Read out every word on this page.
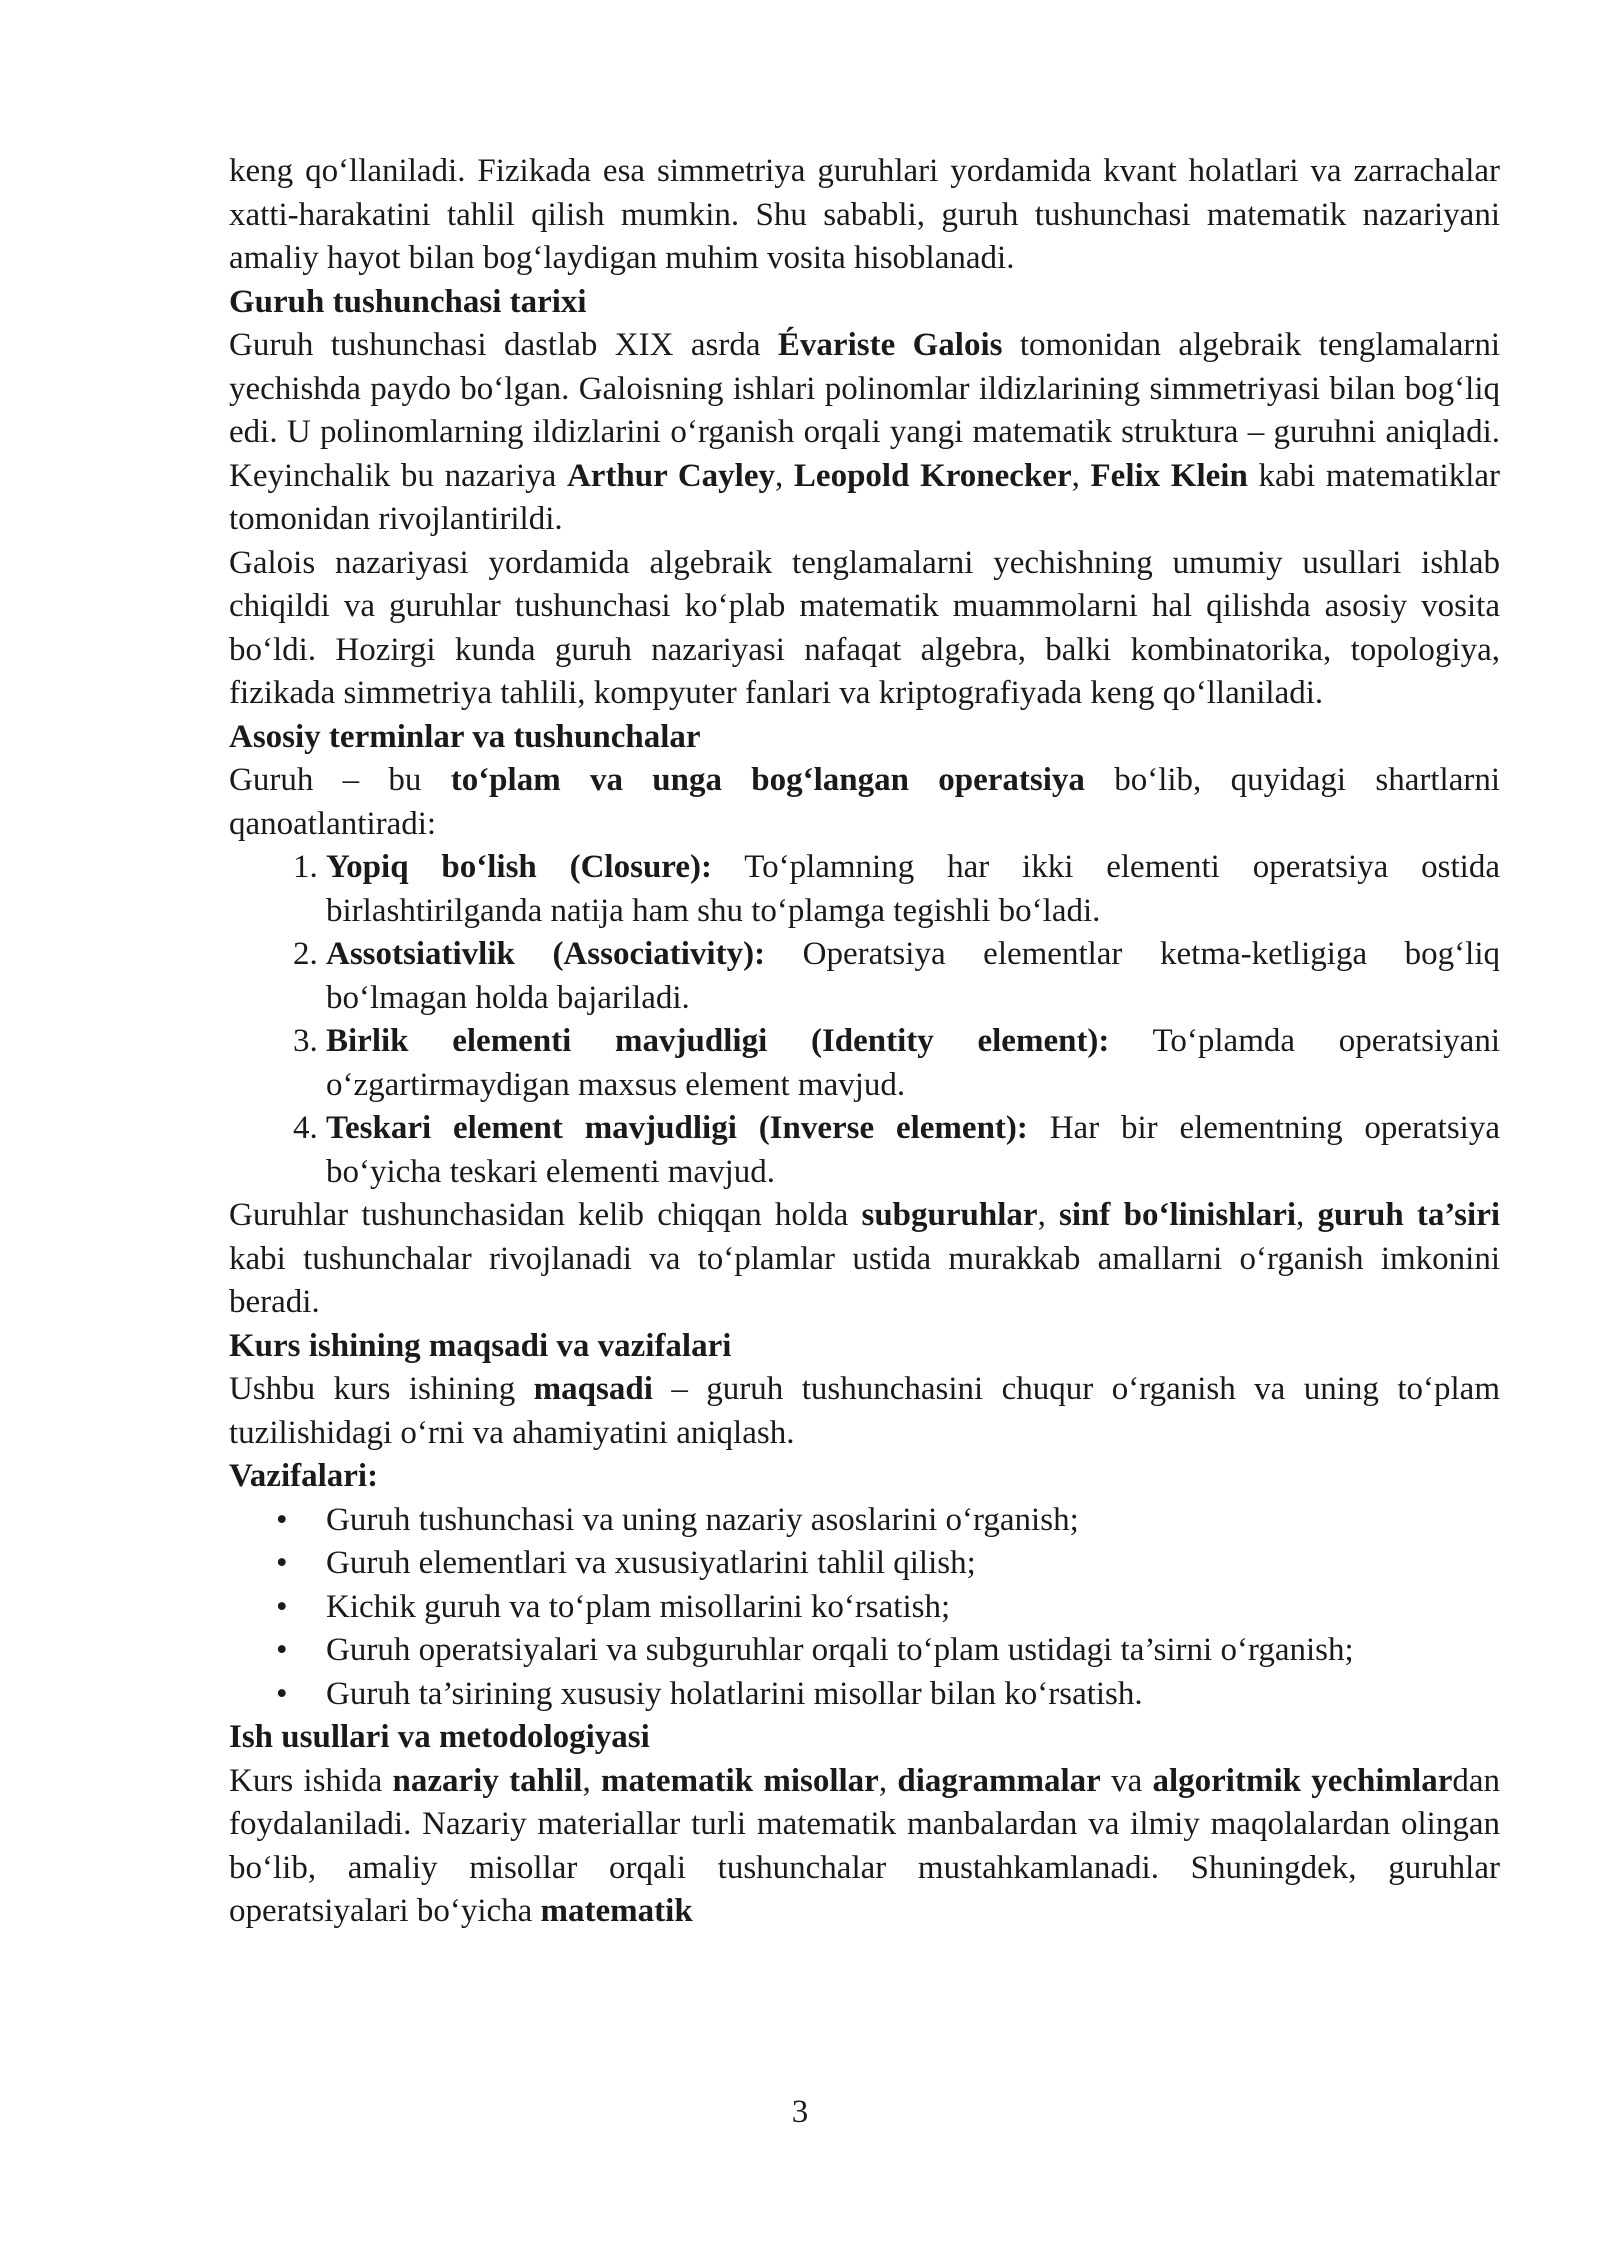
keng qo‘llaniladi. Fizikada esa simmetriya guruhlari yordamida kvant holatlari va zarrachalar xatti-harakatini tahlil qilish mumkin. Shu sababli, guruh tushunchasi matematik nazariyani amaliy hayot bilan bog‘laydigan muhim vosita hisoblanadi.

Guruh tushunchasi tarixi

Guruh tushunchasi dastlab XIX asrda Évariste Galois tomonidan algebraik tenglamalarni yechishda paydo bo‘lgan. Galoisning ishlari polinomlar ildizlarining simmetriyasi bilan bog‘liq edi. U polinomlarning ildizlarini o‘rganish orqali yangi matematik struktura – guruhni aniqladi. Keyinchalik bu nazariya Arthur Cayley, Leopold Kronecker, Felix Klein kabi matematiklar tomonidan rivojlantirildi.

Galois nazariyasi yordamida algebraik tenglamalarni yechishning umumiy usullari ishlab chiqildi va guruhlar tushunchasi ko‘plab matematik muammolarni hal qilishda asosiy vosita bo‘ldi. Hozirgi kunda guruh nazariyasi nafaqat algebra, balki kombinatorika, topologiya, fizikada simmetriya tahlili, kompyuter fanlari va kriptografiyada keng qo‘llaniladi.

Asosiy terminlar va tushunchalar

Guruh – bu to‘plam va unga bog‘langan operatsiya bo‘lib, quyidagi shartlarni qanoatlantiradi:

1. Yopiq bo‘lish (Closure): To‘plamning har ikki elementi operatsiya ostida birlashtirilganda natija ham shu to‘plamga tegishli bo‘ladi.
2. Assotsiativlik (Associativity): Operatsiya elementlar ketma-ketligiga bog‘liq bo‘lmagan holda bajariladi.
3. Birlik elementi mavjudligi (Identity element): To‘plamda operatsiyani o‘zgartirmaydigan maxsus element mavjud.
4. Teskari element mavjudligi (Inverse element): Har bir elementning operatsiya bo‘yicha teskari elementi mavjud.

Guruhlar tushunchasidan kelib chiqqan holda subguruhlar, sinf bo‘linishlari, guruh ta’siri kabi tushunchalar rivojlanadi va to‘plamlar ustida murakkab amallarni o‘rganish imkonini beradi.

Kurs ishining maqsadi va vazifalari

Ushbu kurs ishining maqsadi – guruh tushunchasini chuqur o‘rganish va uning to‘plam tuzilishidagi o‘rni va ahamiyatini aniqlash.

Vazifalari:

• Guruh tushunchasi va uning nazariy asoslarini o‘rganish;
• Guruh elementlari va xususiyatlarini tahlil qilish;
• Kichik guruh va to‘plam misollarini ko‘rsatish;
• Guruh operatsiyalari va subguruhlar orqali to‘plam ustidagi ta’sirni o‘rganish;
• Guruh ta’sirining xususiy holatlarini misollar bilan ko‘rsatish.

Ish usullari va metodologiyasi

Kurs ishida nazariy tahlil, matematik misollar, diagrammalar va algoritmik yechimlardan foydalaniladi. Nazariy materiallar turli matematik manbalardan va ilmiy maqolalardan olingan bo‘lib, amaliy misollar orqali tushunchalar mustahkamlanadi. Shuningdek, guruhlar operatsiyalari bo‘yicha matematik

3
